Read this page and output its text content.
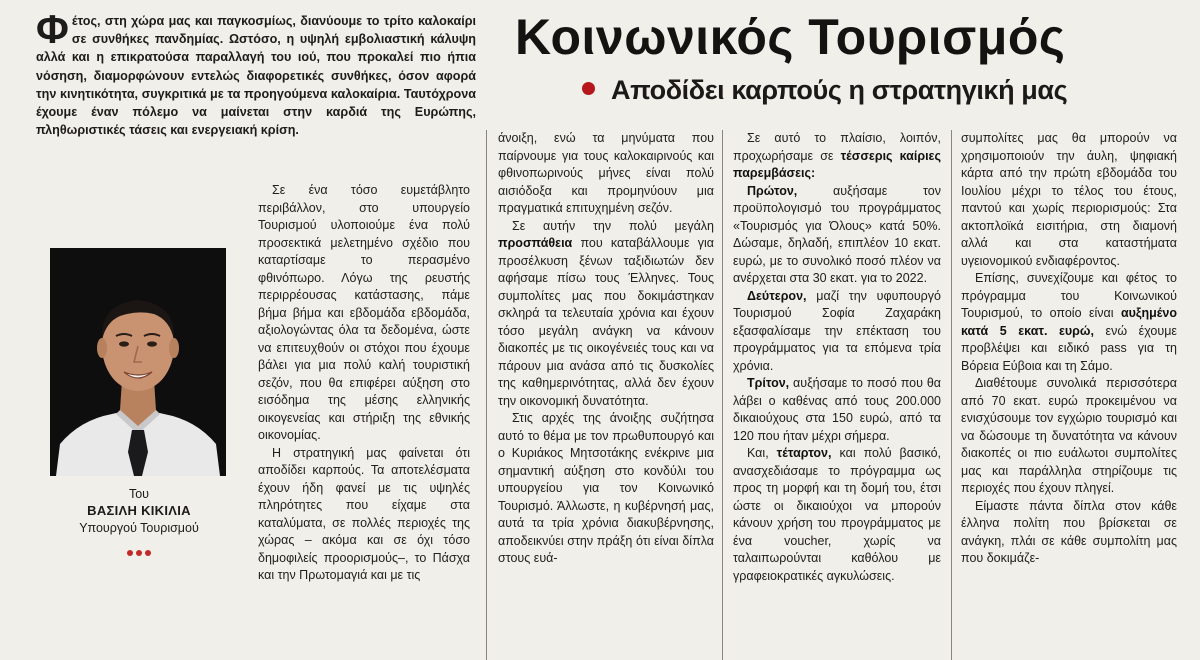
Φέτος, στη χώρα μας και παγκοσμίως, διανύουμε το τρίτο καλοκαίρι σε συνθήκες πανδημίας. Ωστόσο, η υψηλή εμβολιαστική κάλυψη αλλά και η επικρατούσα παραλλαγή του ιού, που προκαλεί πιο ήπια νόσηση, διαμορφώνουν εντελώς διαφορετικές συνθήκες, όσον αφορά την κινητικότητα, συγκριτικά με τα προηγούμενα καλοκαίρια. Ταυτόχρονα έχουμε έναν πόλεμο να μαίνεται στην καρδιά της Ευρώπης, πληθωριστικές τάσεις και ενεργειακή κρίση.

Κοινωνικός Τουρισμός
Αποδίδει καρπούς η στρατηγική μας
Του
ΒΑΣΙΛΗ ΚΙΚΙΛΙΑ
Υπουργού Τουρισμού

Σε ένα τόσο ευμετάβλητο περιβάλλον, στο υπουργείο Τουρισμού υλοποιούμε ένα πολύ προσεκτικά μελετημένο σχέδιο που καταρτίσαμε το περασμένο φθινόπωρο. Λόγω της ρευστής περιρρέουσας κατάστασης, πάμε βήμα βήμα και εβδομάδα εβδομάδα, αξιολογώντας όλα τα δεδομένα, ώστε να επιτευχθούν οι στόχοι που έχουμε βάλει για μια πολύ καλή τουριστική σεζόν, που θα επιφέρει αύξηση στο εισόδημα της μέσης ελληνικής οικογενείας και στήριξη της εθνικής οικονομίας.

Η στρατηγική μας φαίνεται ότι αποδίδει καρπούς. Τα αποτελέσματα έχουν ήδη φανεί με τις υψηλές πληρότητες που είχαμε στα καταλύματα, σε πολλές περιοχές της χώρας – ακόμα και σε όχι τόσο δημοφιλείς προορισμούς–, το Πάσχα και την Πρωτομαγιά και με τις

άνοιξη, ενώ τα μηνύματα που παίρνουμε για τους καλοκαιρινούς και φθινοπωρινούς μήνες είναι πολύ αισιόδοξα και προμηνύουν μια πραγματικά επιτυχημένη σεζόν.

Σε αυτήν την πολύ μεγάλη προσπάθεια που καταβάλλουμε για προσέλκυση ξένων ταξιδιωτών δεν αφήσαμε πίσω τους Έλληνες. Τους συμπολίτες μας που δοκιμάστηκαν σκληρά τα τελευταία χρόνια και έχουν τόσο μεγάλη ανάγκη να κάνουν διακοπές με τις οικογένειές τους και να πάρουν μια ανάσα από τις δυσκολίες της καθημερινότητας, αλλά δεν έχουν την οικονομική δυνατότητα.

Στις αρχές της άνοιξης συζήτησα αυτό το θέμα με τον πρωθυπουργό και ο Κυριάκος Μητσοτάκης ενέκρινε μια σημαντική αύξηση στο κονδύλι του υπουργείου για τον Κοινωνικό Τουρισμό. Άλλωστε, η κυβέρνησή μας, αυτά τα τρία χρόνια διακυβέρνησης, αποδεικνύει στην πράξη ότι είναι δίπλα στους ευά-

Σε αυτό το πλαίσιο, λοιπόν, προχωρήσαμε σε τέσσερις καίριες παρεμβάσεις:

Πρώτον, αυξήσαμε τον προϋπολογισμό του προγράμματος «Τουρισμός για Όλους» κατά 50%. Δώσαμε, δηλαδή, επιπλέον 10 εκατ. ευρώ, με το συνολικό ποσό πλέον να ανέρχεται στα 30 εκατ. για το 2022.

Δεύτερον, μαζί την υφυπουργό Τουρισμού Σοφία Ζαχαράκη εξασφαλίσαμε την επέκταση του προγράμματος για τα επόμενα τρία χρόνια.

Τρίτον, αυξήσαμε το ποσό που θα λάβει ο καθένας από τους 200.000 δικαιούχους στα 150 ευρώ, από τα 120 που ήταν μέχρι σήμερα.

Και, τέταρτον, και πολύ βασικό, ανασχεδιάσαμε το πρόγραμμα ως προς τη μορφή και τη δομή του, έτσι ώστε οι δικαιούχοι να μπορούν κάνουν χρήση του προγράμματος με ένα voucher, χωρίς να ταλαιπωρούνται καθόλου με γραφειοκρατικές αγκυλώσεις.

συμπολίτες μας θα μπορούν να χρησιμοποιούν την άυλη, ψηφιακή κάρτα από την πρώτη εβδομάδα του Ιουλίου μέχρι το τέλος του έτους, παντού και χωρίς περιορισμούς: Στα ακτοπλοϊκά εισιτήρια, στη διαμονή αλλά και στα καταστήματα υγειονομικού ενδιαφέροντος.

Επίσης, συνεχίζουμε και φέτος το πρόγραμμα του Κοινωνικού Τουρισμού, το οποίο είναι αυξημένο κατά 5 εκατ. ευρώ, ενώ έχουμε προβλέψει και ειδικό pass για τη Βόρεια Εύβοια και τη Σάμο.

Διαθέτουμε συνολικά περισσότερα από 70 εκατ. ευρώ προκειμένου να ενισχύσουμε τον εγχώριο τουρισμό και να δώσουμε τη δυνατότητα να κάνουν διακοπές οι πιο ευάλωτοι συμπολίτες μας και παράλληλα στηρίζουμε τις περιοχές που έχουν πληγεί.

Είμαστε πάντα δίπλα στον κάθε έλληνα πολίτη που βρίσκεται σε ανάγκη, πλάι σε κάθε συμπολίτη μας που δοκιμάζε-
